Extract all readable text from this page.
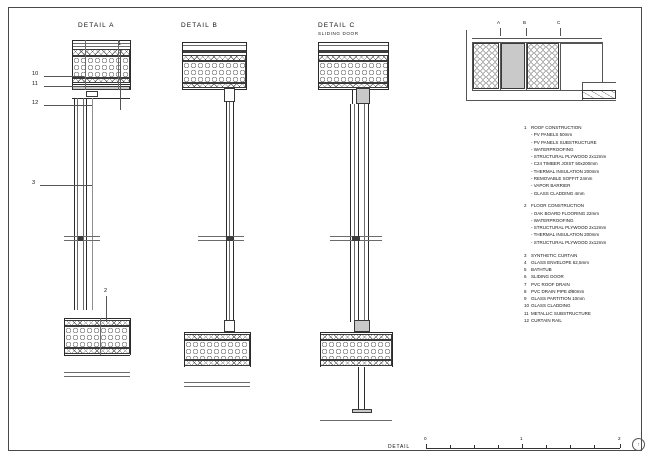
DETAIL A	DETAIL B	DETAIL C
SLIDING DOOR
1
10
11
12
3
2
A	B	C
1 ROOF CONSTRUCTION
- PV PANELS 50mm
- PV PANELS SUBSTRUCTURE
- WATERPROOFING
- STRUCTURAL PLYWOOD 2x12mm
- C24 TIMBER JOIST 50x200mm
- THERMAL INSULATION 200mm
- REMOVABLE SOFFIT 24mm
- VAPOR BARRIER
- GLASS CLADDING 4mm
2 FLOOR CONSTRUCTION
- OAK BOARD FLOORING 22mm
- WATERPROOFING
- STRUCTURAL PLYWOOD 2x12mm
- THERMAL INSULATION 200mm
- STRUCTURAL PLYWOOD 2x12mm
3 SYNTHETIC CURTAIN
4 GLASS ENVELOPE 62,5mm
5 BATHTUB
6 SLIDING DOOR
7 PVC ROOF DRAIN
8 PVC DRAIN PIPE Ø80mm
9 GLASS PARTITION 10mm
10 GLASS CLADDING
11 METALLIC SUBSTRUCTURE
12 CURTAIN RAIL
DETAIL
0	1	2
↑
